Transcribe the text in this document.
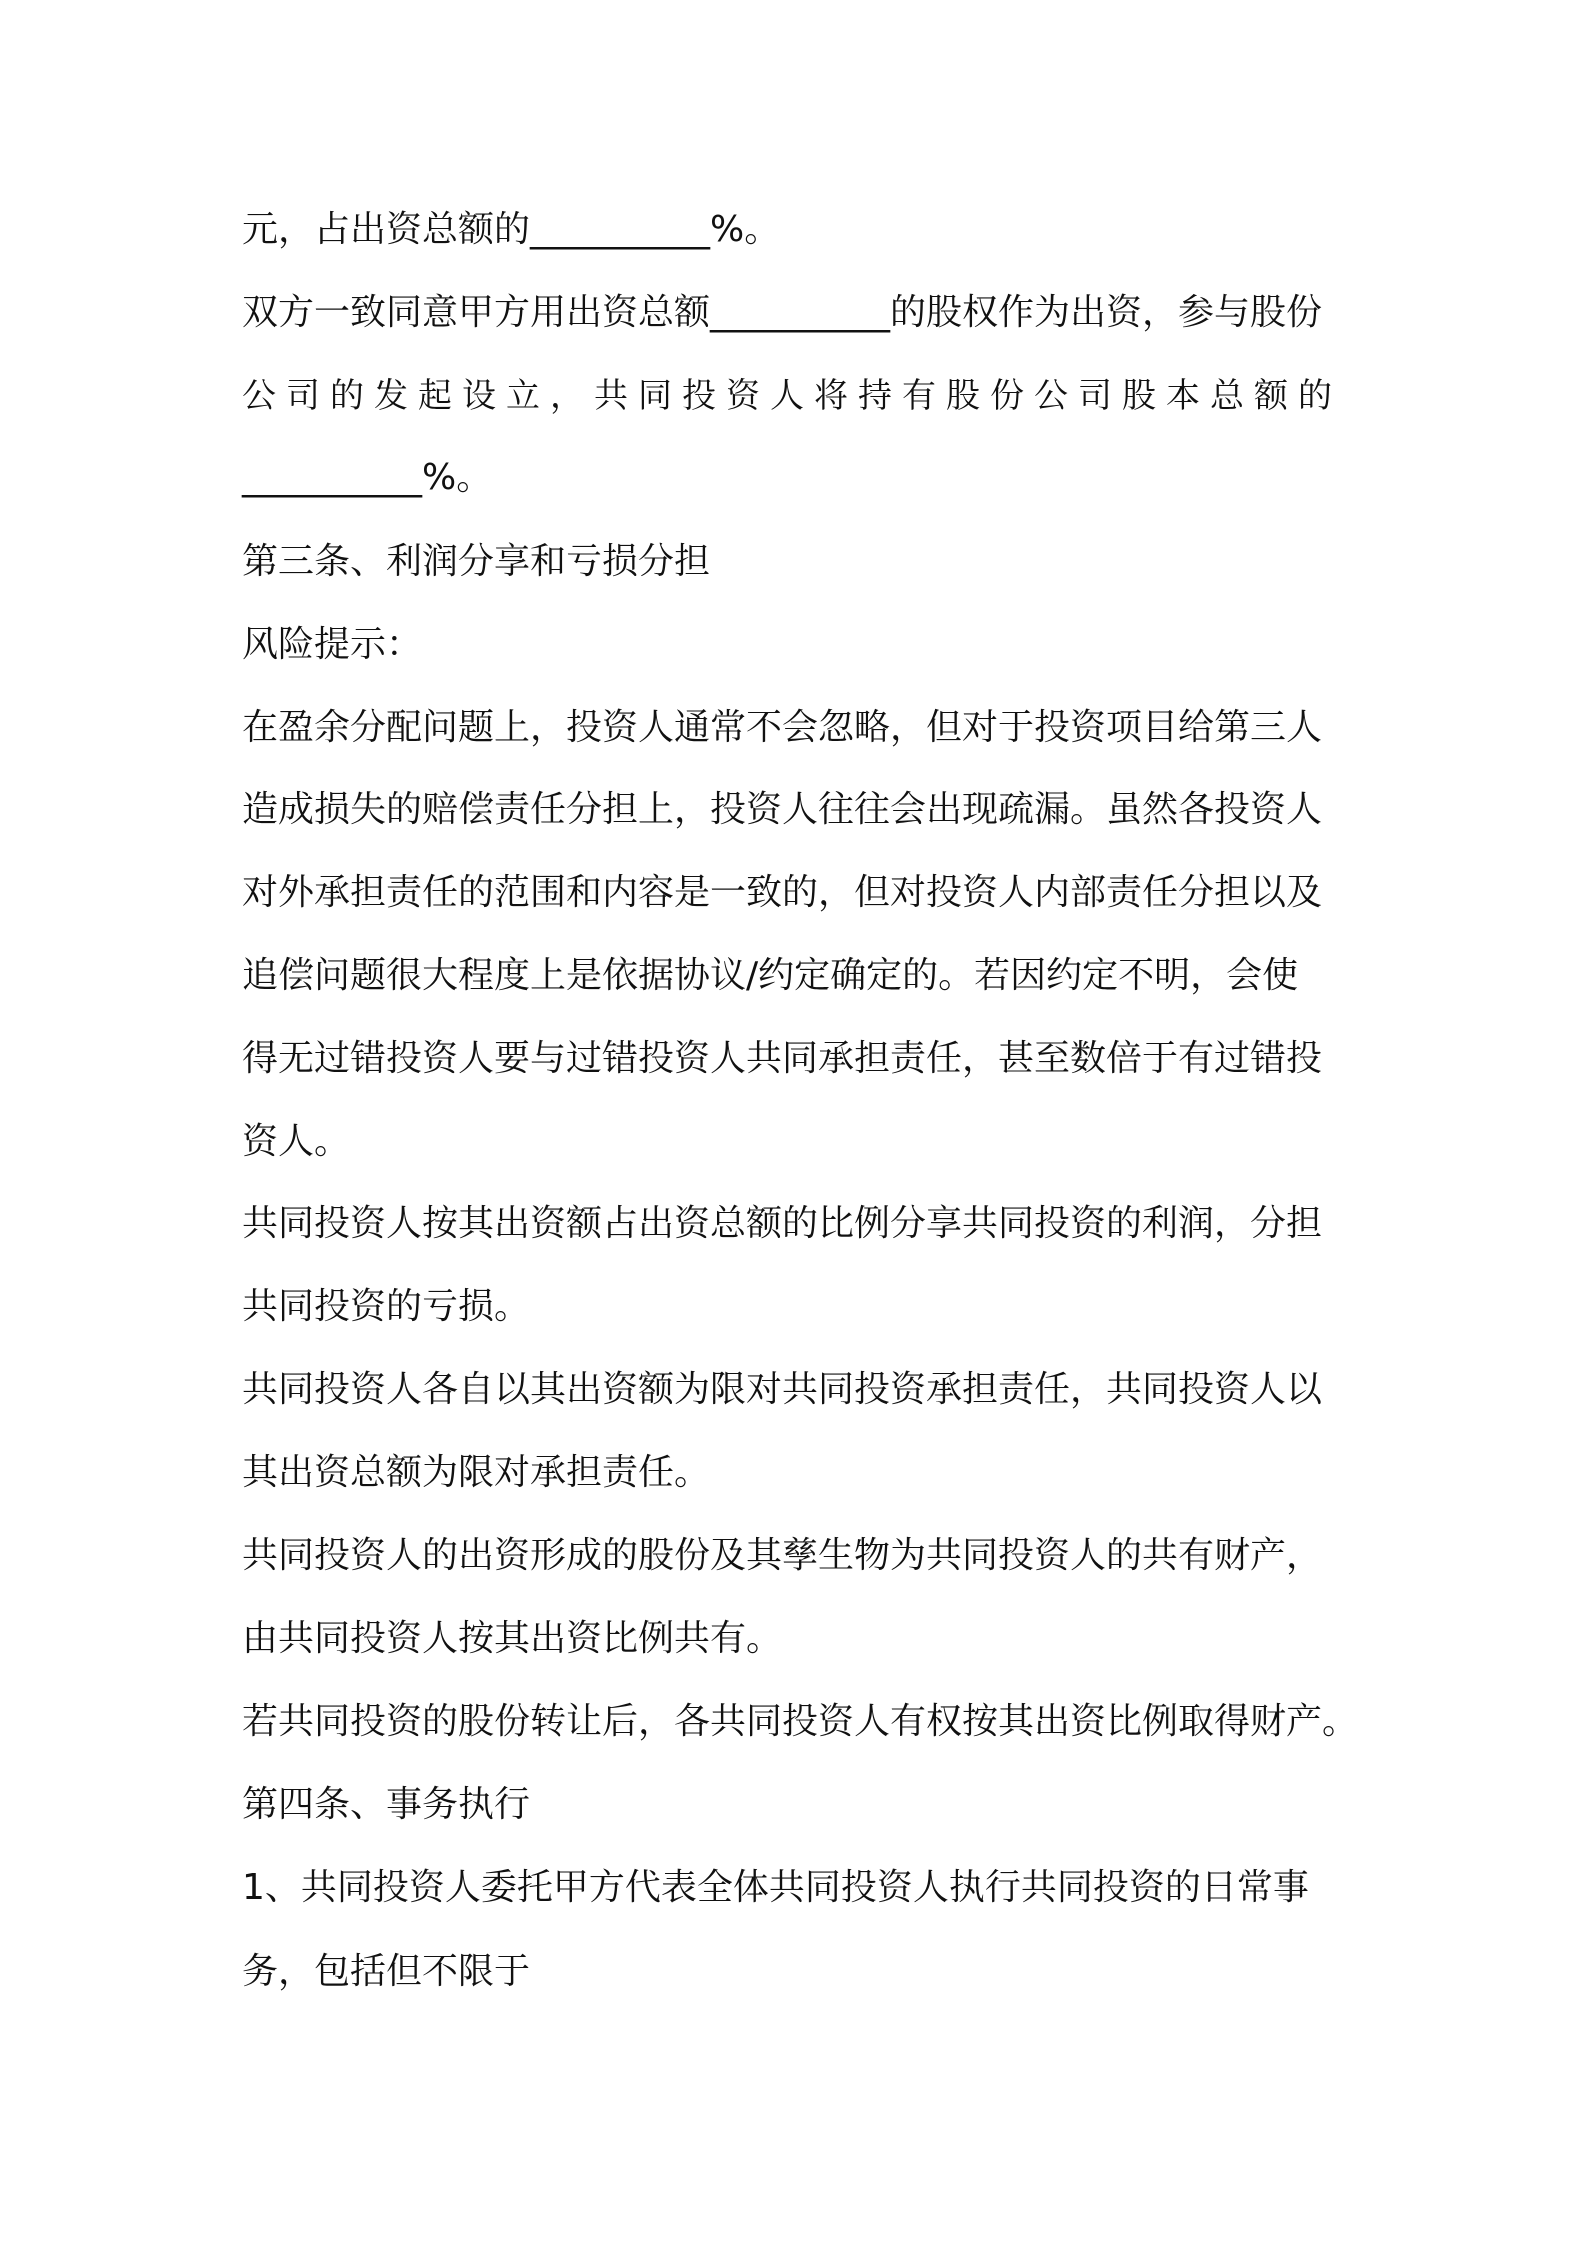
元，占出资总额的__________%。
双方一致同意甲方用出资总额__________的股权作为出资，参与股份
公司的发起设立，共同投资人将持有股份公司股本总额的
__________%。
第三条、利润分享和亏损分担
风险提示：
在盈余分配问题上，投资人通常不会忽略，但对于投资项目给第三人
造成损失的赔偿责任分担上，投资人往往会出现疏漏。虽然各投资人
对外承担责任的范围和内容是一致的，但对投资人内部责任分担以及
追偿问题很大程度上是依据协议/约定确定的。若因约定不明，会使
得无过错投资人要与过错投资人共同承担责任，甚至数倍于有过错投
资人。
共同投资人按其出资额占出资总额的比例分享共同投资的利润，分担
共同投资的亏损。
共同投资人各自以其出资额为限对共同投资承担责任，共同投资人以
其出资总额为限对承担责任。
共同投资人的出资形成的股份及其孳生物为共同投资人的共有财产，
由共同投资人按其出资比例共有。
若共同投资的股份转让后，各共同投资人有权按其出资比例取得财产。
第四条、事务执行
1、共同投资人委托甲方代表全体共同投资人执行共同投资的日常事
务，包括但不限于
